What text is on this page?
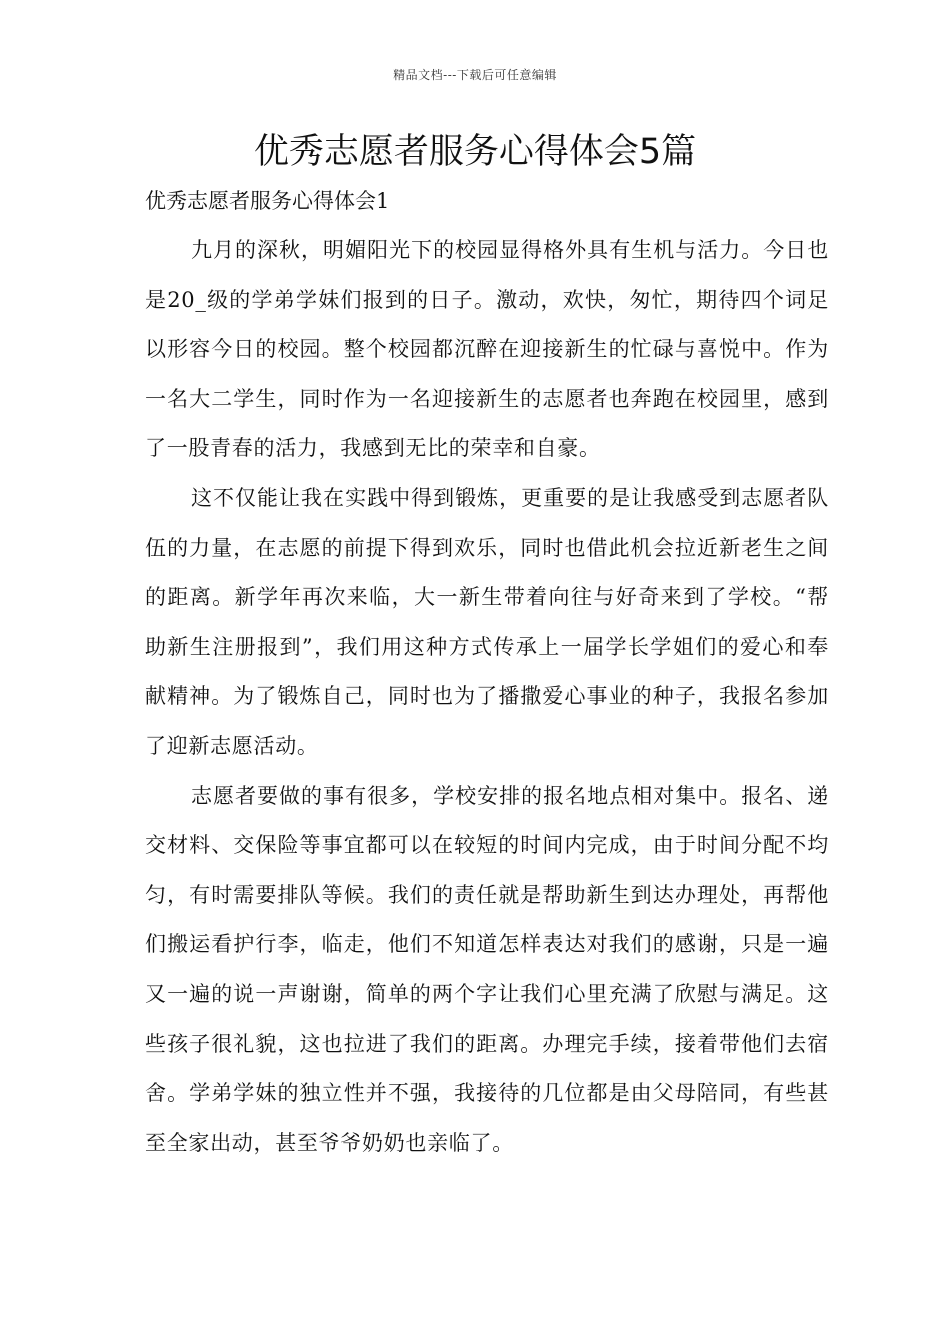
精品文档---下载后可任意编辑
优秀志愿者服务心得体会5篇

优秀志愿者服务心得体会1

九月的深秋，明媚阳光下的校园显得格外具有生机与活力。今日也是20_级的学弟学妹们报到的日子。激动，欢快，匆忙，期待四个词足以形容今日的校园。整个校园都沉醉在迎接新生的忙碌与喜悦中。作为一名大二学生，同时作为一名迎接新生的志愿者也奔跑在校园里，感到了一股青春的活力，我感到无比的荣幸和自豪。

这不仅能让我在实践中得到锻炼，更重要的是让我感受到志愿者队伍的力量，在志愿的前提下得到欢乐，同时也借此机会拉近新老生之间的距离。新学年再次来临，大一新生带着向往与好奇来到了学校。“帮助新生注册报到”，我们用这种方式传承上一届学长学姐们的爱心和奉献精神。为了锻炼自己，同时也为了播撒爱心事业的种子，我报名参加了迎新志愿活动。

志愿者要做的事有很多，学校安排的报名地点相对集中。报名、递交材料、交保险等事宜都可以在较短的时间内完成，由于时间分配不均匀，有时需要排队等候。我们的责任就是帮助新生到达办理处，再帮他们搬运看护行李，临走，他们不知道怎样表达对我们的感谢，只是一遍又一遍的说一声谢谢，简单的两个字让我们心里充满了欣慰与满足。这些孩子很礼貌，这也拉进了我们的距离。办理完手续，接着带他们去宿舍。学弟学妹的独立性并不强，我接待的几位都是由父母陪同，有些甚至全家出动，甚至爷爷奶奶也亲临了。
